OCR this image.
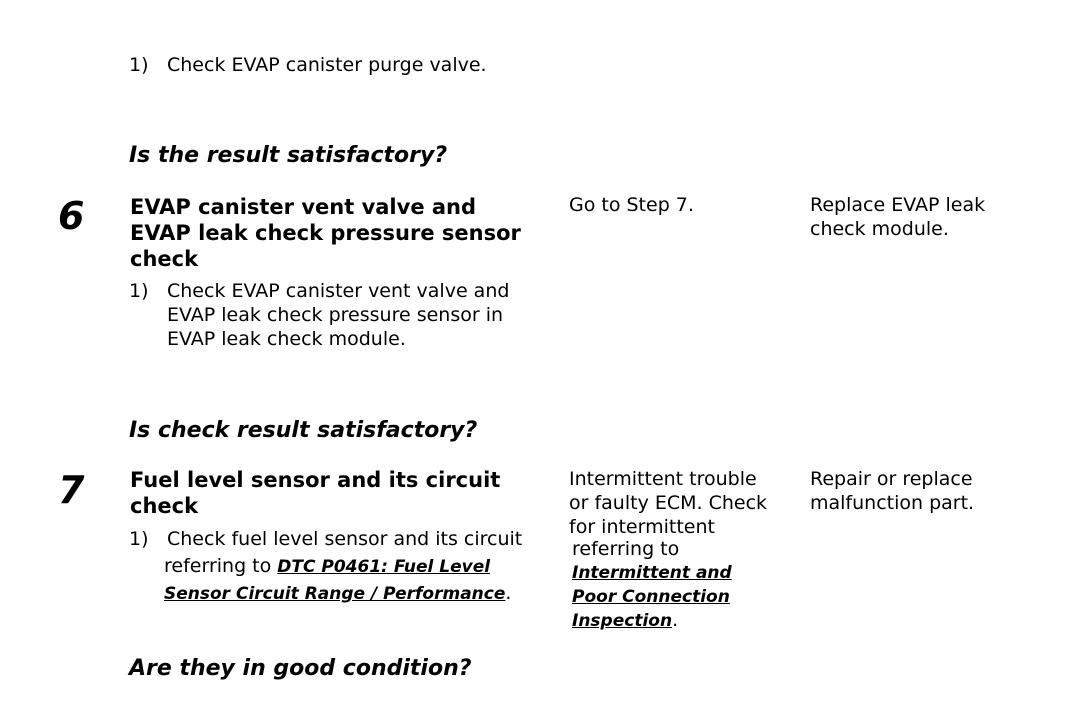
1) Check EVAP canister purge valve.
Is the result satisfactory?
6 EVAP canister vent valve and
EVAP leak check pressure sensor
check
1) Check EVAP canister vent valve and
EVAP leak check pressure sensor in
EVAP leak check module.
Go to Step 7.	Replace EVAP leak
check module.
Is check result satisfactory?
7 Fuel level sensor and its circuit
check
1) Check fuel level sensor and its circuit
referring to DTC P0461: Fuel Level
Sensor Circuit Range / Performance.
Intermittent trouble
or faulty ECM. Check
for intermittent
referring to
Intermittent and
Poor Connection
Inspection.
Repair or replace
malfunction part.
Are they in good condition?
